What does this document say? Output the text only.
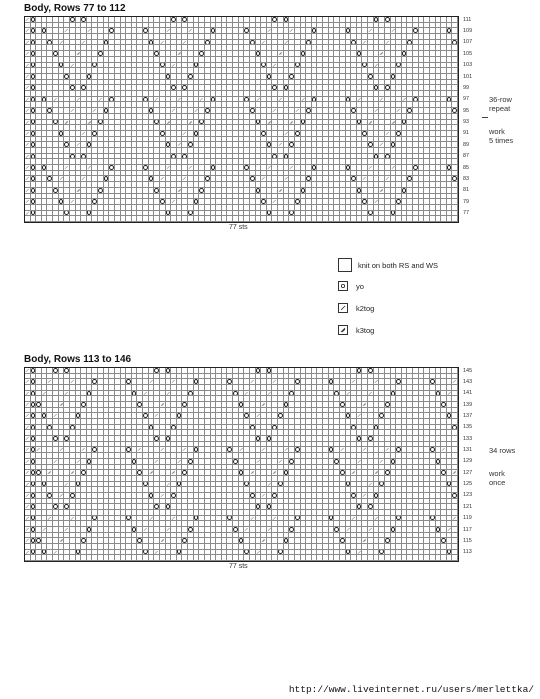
Body, Rows 77 to 112
111
109
107
105
103
101
99
97
95
93
91
89
87
85
83
81
79
77
77 sts
36-row
repeat
work
5 times
knit on both RS and WS
yo
k2tog
k3tog
Body, Rows 113 to 146
145
143
141
139
137
135
133
131
129
127
125
123
121
119
117
115
113
77 sts
34 rows
work
once
http://www.liveinternet.ru/users/merlettka/
